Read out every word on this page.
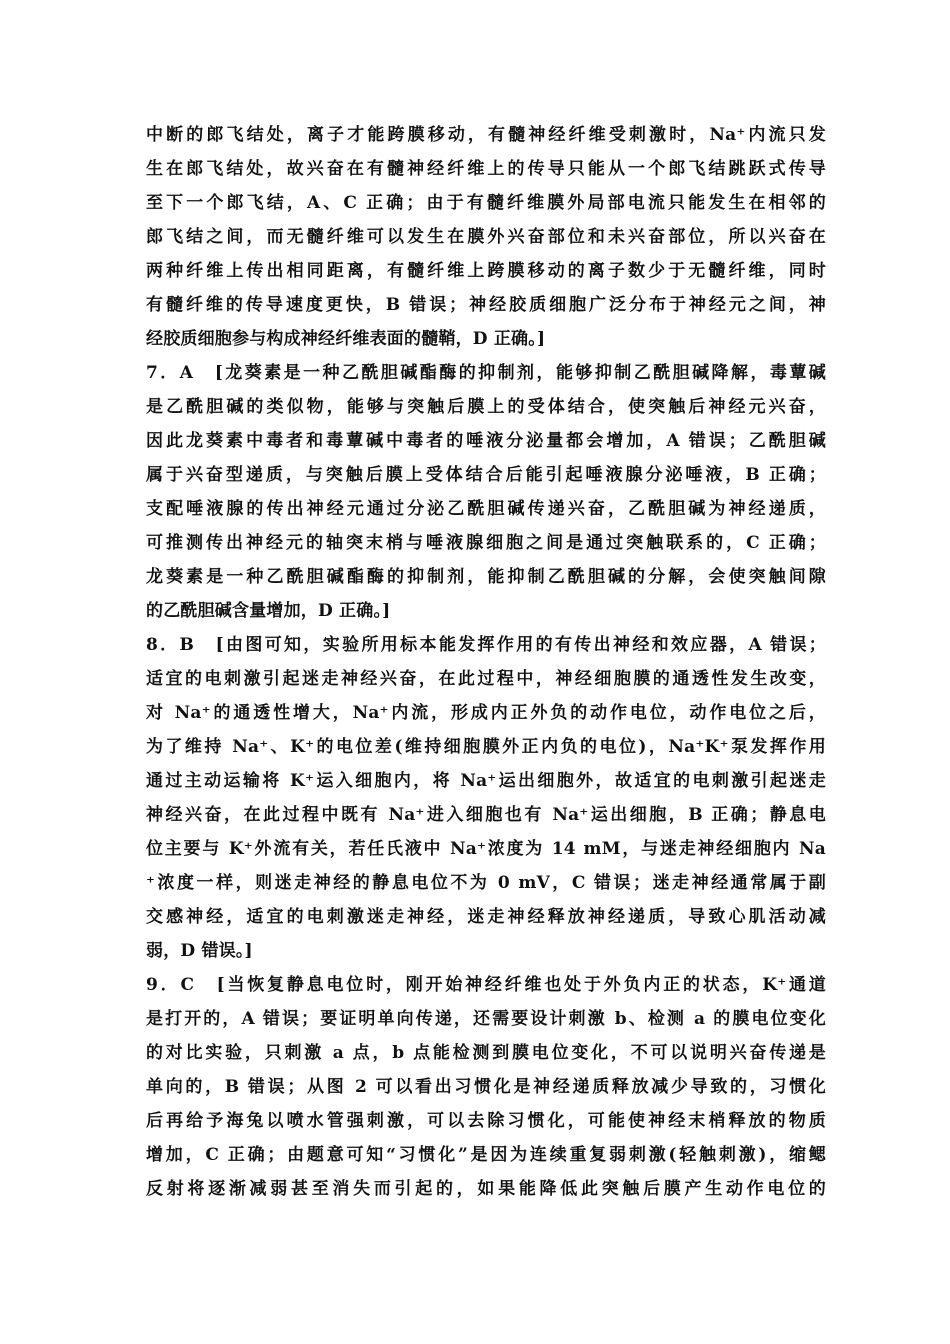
中断的郎飞结处，离子才能跨膜移动，有髓神经纤维受刺激时，Na⁺内流只发
生在郎飞结处，故兴奋在有髓神经纤维上的传导只能从一个郎飞结跳跃式传导
至下一个郎飞结，A、C 正确；由于有髓纤维膜外局部电流只能发生在相邻的
郎飞结之间，而无髓纤维可以发生在膜外兴奋部位和未兴奋部位，所以兴奋在
两种纤维上传出相同距离，有髓纤维上跨膜移动的离子数少于无髓纤维，同时
有髓纤维的传导速度更快，B 错误；神经胶质细胞广泛分布于神经元之间，神
经胶质细胞参与构成神经纤维表面的髓鞘，D 正确。]
7．A　[龙葵素是一种乙酰胆碱酯酶的抑制剂，能够抑制乙酰胆碱降解，毒蕈碱
是乙酰胆碱的类似物，能够与突触后膜上的受体结合，使突触后神经元兴奋，
因此龙葵素中毒者和毒蕈碱中毒者的唾液分泌量都会增加，A 错误；乙酰胆碱
属于兴奋型递质，与突触后膜上受体结合后能引起唾液腺分泌唾液，B 正确；
支配唾液腺的传出神经元通过分泌乙酰胆碱传递兴奋，乙酰胆碱为神经递质，
可推测传出神经元的轴突末梢与唾液腺细胞之间是通过突触联系的，C 正确；
龙葵素是一种乙酰胆碱酯酶的抑制剂，能抑制乙酰胆碱的分解，会使突触间隙
的乙酰胆碱含量增加，D 正确。]
8．B　[由图可知，实验所用标本能发挥作用的有传出神经和效应器，A 错误；
适宜的电刺激引起迷走神经兴奋，在此过程中，神经细胞膜的通透性发生改变，
对 Na⁺的通透性增大，Na⁺内流，形成内正外负的动作电位，动作电位之后，
为了维持 Na⁺、K⁺的电位差(维持细胞膜外正内负的电位)，Na⁺K⁺泵发挥作用
通过主动运输将 K⁺运入细胞内，将 Na⁺运出细胞外，故适宜的电刺激引起迷走
神经兴奋，在此过程中既有 Na⁺进入细胞也有 Na⁺运出细胞，B 正确；静息电
位主要与 K⁺外流有关，若任氏液中 Na⁺浓度为 14 mM，与迷走神经细胞内 Na
⁺浓度一样，则迷走神经的静息电位不为 0 mV，C 错误；迷走神经通常属于副
交感神经，适宜的电刺激迷走神经，迷走神经释放神经递质，导致心肌活动减
弱，D 错误。]
9．C　[当恢复静息电位时，刚开始神经纤维也处于外负内正的状态，K⁺通道
是打开的，A 错误；要证明单向传递，还需要设计刺激 b、检测 a 的膜电位变化
的对比实验，只刺激 a 点，b 点能检测到膜电位变化，不可以说明兴奋传递是
单向的，B 错误；从图 2 可以看出习惯化是神经递质释放减少导致的，习惯化
后再给予海兔以喷水管强刺激，可以去除习惯化，可能使神经末梢释放的物质
增加，C 正确；由题意可知“习惯化”是因为连续重复弱刺激(轻触刺激)，缩鳃
反射将逐渐减弱甚至消失而引起的，如果能降低此突触后膜产生动作电位的
